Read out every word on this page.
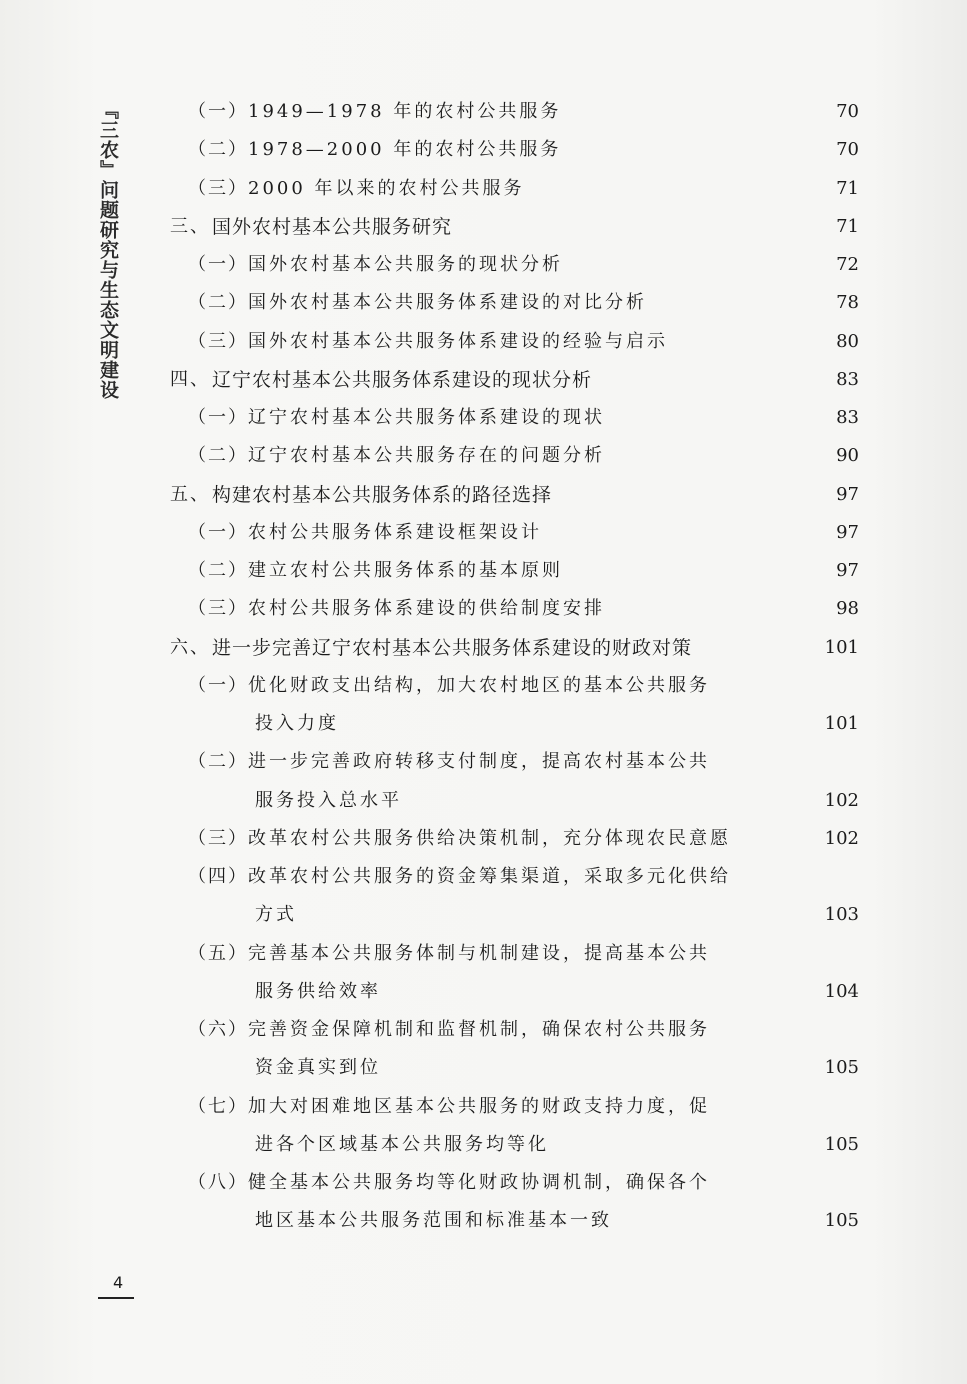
『三农』问题研究与生态文明建设	（一） 1949—1978 年的农村公共服务	70
（二） 1978—2000 年的农村公共服务	70
（三） 2000 年以来的农村公共服务	71
三、 国外农村基本公共服务研究	71
（一） 国外农村基本公共服务的现状分析	72
（二） 国外农村基本公共服务体系建设的对比分析	78
（三） 国外农村基本公共服务体系建设的经验与启示	80
四、 辽宁农村基本公共服务体系建设的现状分析	83
（一） 辽宁农村基本公共服务体系建设的现状	83
（二） 辽宁农村基本公共服务存在的问题分析	90
五、 构建农村基本公共服务体系的路径选择	97
（一） 农村公共服务体系建设框架设计	97
（二） 建立农村公共服务体系的基本原则	97
（三） 农村公共服务体系建设的供给制度安排	98
六、 进一步完善辽宁农村基本公共服务体系建设的财政对策	101
（一） 优化财政支出结构，加大农村地区的基本公共服务
投入力度	101
（二） 进一步完善政府转移支付制度，提高农村基本公共
服务投入总水平	102
（三） 改革农村公共服务供给决策机制，充分体现农民意愿	102
（四） 改革农村公共服务的资金筹集渠道，采取多元化供给
方式	103
（五） 完善基本公共服务体制与机制建设，提高基本公共
服务供给效率	104
（六） 完善资金保障机制和监督机制，确保农村公共服务
资金真实到位	105
（七） 加大对困难地区基本公共服务的财政支持力度，促
进各个区域基本公共服务均等化	105
（八） 健全基本公共服务均等化财政协调机制，确保各个
地区基本公共服务范围和标准基本一致	105
4
